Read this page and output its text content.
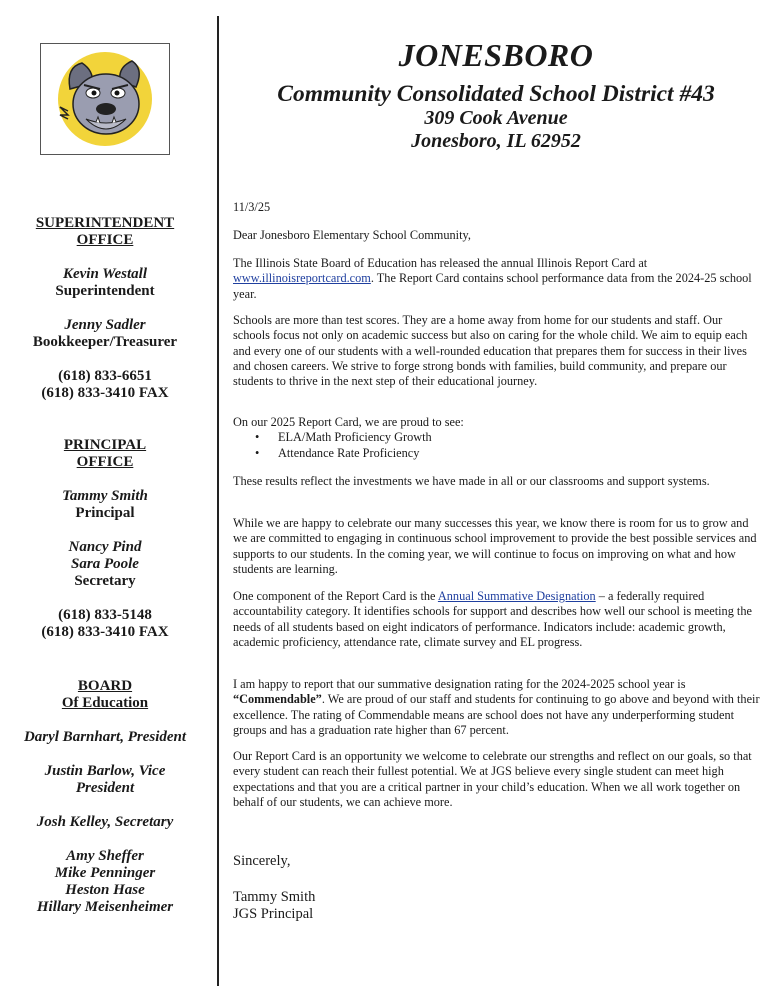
SUPERINTENDENT
OFFICE
Kevin Westall
Superintendent
Jenny Sadler
Bookkeeper/Treasurer
(618) 833-6651
(618) 833-3410 FAX
PRINCIPAL
OFFICE
Tammy Smith
Principal
Nancy Pind
Sara Poole
Secretary
(618) 833-5148
(618) 833-3410 FAX
BOARD
Of Education
Daryl Barnhart, President
Justin Barlow, Vice
President
Josh Kelley, Secretary
Amy Sheffer
Mike Penninger
Heston Hase
Hillary Meisenheimer
JONESBORO
Community Consolidated School District #43
309 Cook Avenue
Jonesboro, IL 62952
11/3/25
Dear Jonesboro Elementary School Community,

The Illinois State Board of Education has released the annual Illinois Report Card at www.illinoisreportcard.com. The Report Card contains school performance data from the 2024-25 school year.

Schools are more than test scores. They are a home away from home for our students and staff. Our schools focus not only on academic success but also on caring for the whole child. We aim to equip each and every one of our students with a well-rounded education that prepares them for success in their lives and chosen careers. We strive to forge strong bonds with families, build community, and prepare our students to thrive in the next step of their educational journey.

On our 2025 Report Card, we are proud to see:

• ELA/Math Proficiency Growth
• Attendance Rate Proficiency
These results reflect the investments we have made in all or our classrooms and support systems.
While we are happy to celebrate our many successes this year, we know there is room for us to grow and we are committed to engaging in continuous school improvement to provide the best possible services and supports to our students. In the coming year, we will continue to focus on improving on what and how students are learning.

One component of the Report Card is the Annual Summative Designation – a federally required accountability category. It identifies schools for support and describes how well our school is meeting the needs of all students based on eight indicators of performance. Indicators include: academic growth, academic proficiency, attendance rate, climate survey and EL progress.

I am happy to report that our summative designation rating for the 2024-2025 school year is “Commendable”. We are proud of our staff and students for continuing to go above and beyond with their excellence. The rating of Commendable means are school does not have any underperforming student groups and has a graduation rate higher than 67 percent.

Our Report Card is an opportunity we welcome to celebrate our strengths and reflect on our goals, so that every student can reach their fullest potential. We at JGS believe every single student can meet high expectations and that you are a critical partner in your child’s education. When we all work together on behalf of our students, we can achieve more.
Sincerely,
Tammy Smith
JGS Principal
